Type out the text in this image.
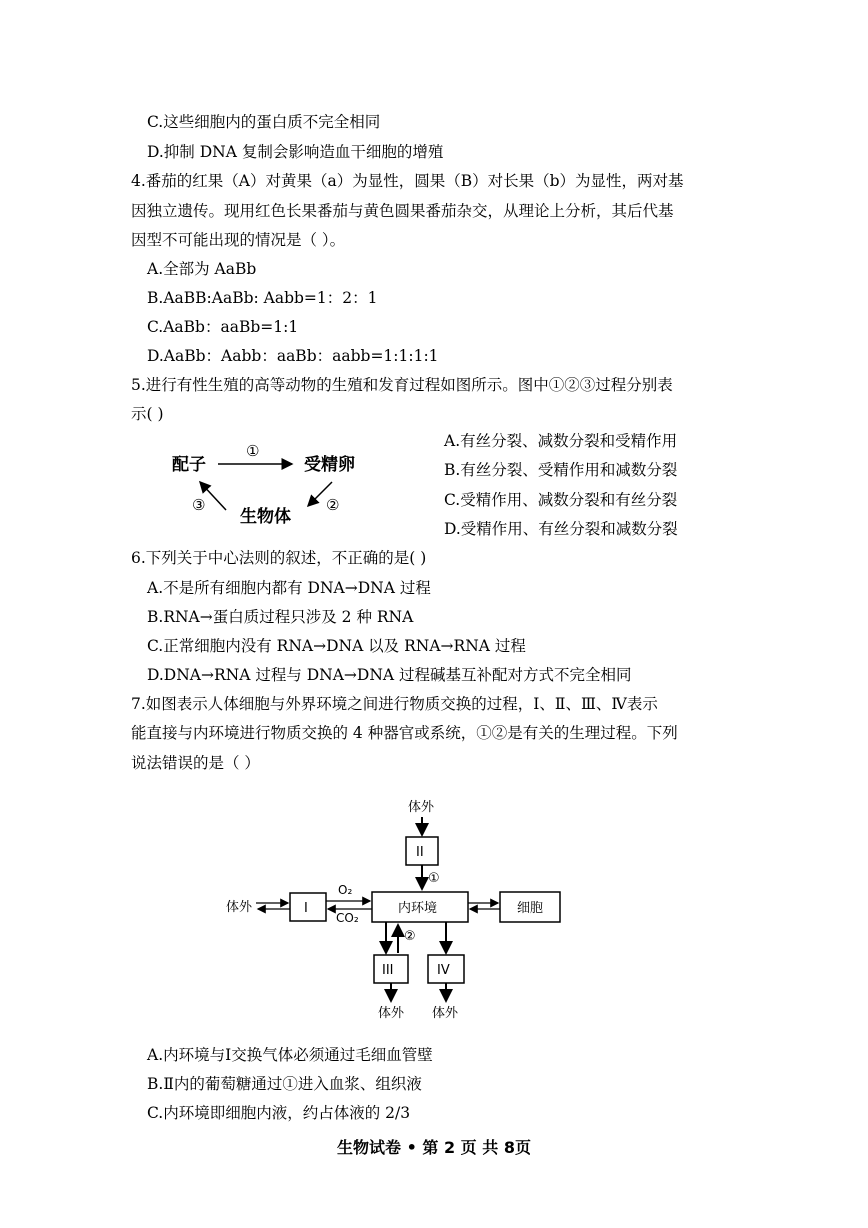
C.这些细胞内的蛋白质不完全相同
D.抑制 DNA 复制会影响造血干细胞的增殖
4.番茄的红果（A）对黄果（a）为显性，圆果（B）对长果（b）为显性，两对基
因独立遗传。现用红色长果番茄与黄色圆果番茄杂交，从理论上分析，其后代基
因型不可能出现的情况是（ ）。
A.全部为 AaBb
B.AaBB:AaBb: Aabb=1：2：1
C.AaBb：aaBb=1:1
D.AaBb：Aabb：aaBb：aabb=1:1:1:1
5.进行有性生殖的高等动物的生殖和发育过程如图所示。图中①②③过程分别表
示( )
配子
①
受精卵
②
生物体
③
A.有丝分裂、减数分裂和受精作用
B.有丝分裂、受精作用和减数分裂
C.受精作用、减数分裂和有丝分裂
D.受精作用、有丝分裂和减数分裂
6.下列关于中心法则的叙述，不正确的是( )
A.不是所有细胞内都有 DNA→DNA 过程
B.RNA→蛋白质过程只涉及 2 种 RNA
C.正常细胞内没有 RNA→DNA 以及 RNA→RNA 过程
D.DNA→RNA 过程与 DNA→DNA 过程碱基互补配对方式不完全相同
7.如图表示人体细胞与外界环境之间进行物质交换的过程，Ⅰ、Ⅱ、Ⅲ、Ⅳ表示
能直接与内环境进行物质交换的 4 种器官或系统，①②是有关的生理过程。下列
说法错误的是（ ）
体外
II
①
体外	I
O₂
CO₂
内环境	细胞
②
III	IV
体外 体外
A.内环境与Ⅰ交换气体必须通过毛细血管壁
B.Ⅱ内的葡萄糖通过①进入血浆、组织液
C.内环境即细胞内液，约占体液的 2/3
生物试卷 • 第 2 页 共 8页
